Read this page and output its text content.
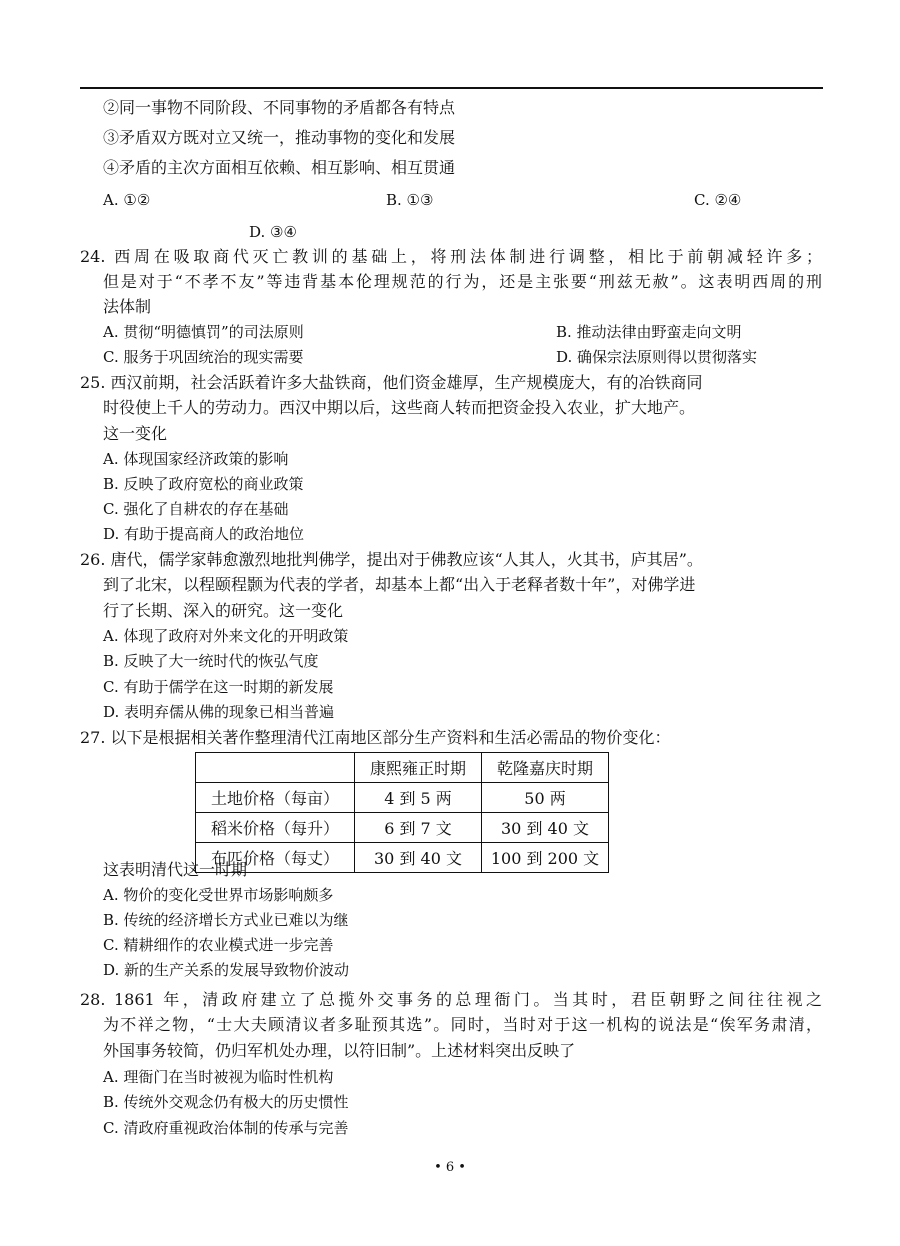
②同一事物不同阶段、不同事物的矛盾都各有特点
③矛盾双方既对立又统一，推动事物的变化和发展
④矛盾的主次方面相互依赖、相互影响、相互贯通
A. ①②	B. ①③	C. ②④
D. ③④
24. 西周在吸取商代灭亡教训的基础上，将刑法体制进行调整，相比于前朝减轻许多；
但是对于“不孝不友”等违背基本伦理规范的行为，还是主张要“刑兹无赦”。这表明西周的刑
法体制
A. 贯彻“明德慎罚”的司法原则	B. 推动法律由野蛮走向文明
C. 服务于巩固统治的现实需要	D. 确保宗法原则得以贯彻落实
25. 西汉前期，社会活跃着许多大盐铁商，他们资金雄厚，生产规模庞大，有的冶铁商同
时役使上千人的劳动力。西汉中期以后，这些商人转而把资金投入农业，扩大地产。
这一变化
A. 体现国家经济政策的影响
B. 反映了政府宽松的商业政策
C. 强化了自耕农的存在基础
D. 有助于提高商人的政治地位
26. 唐代，儒学家韩愈激烈地批判佛学，提出对于佛教应该“人其人，火其书，庐其居”。
到了北宋，以程颐程颢为代表的学者，却基本上都“出入于老释者数十年”，对佛学进
行了长期、深入的研究。这一变化
A. 体现了政府对外来文化的开明政策
B. 反映了大一统时代的恢弘气度
C. 有助于儒学在这一时期的新发展
D. 表明弃儒从佛的现象已相当普遍
27. 以下是根据相关著作整理清代江南地区部分生产资料和生活必需品的物价变化：
	康熙雍正时期	乾隆嘉庆时期
土地价格（每亩）	4 到 5 两	50 两
稻米价格（每升）	6 到 7 文	30 到 40 文
布匹价格（每丈）	30 到 40 文	100 到 200 文
这表明清代这一时期
A. 物价的变化受世界市场影响颇多
B. 传统的经济增长方式业已难以为继
C. 精耕细作的农业模式进一步完善
D. 新的生产关系的发展导致物价波动
28. 1861 年，清政府建立了总揽外交事务的总理衙门。当其时，君臣朝野之间往往视之
为不祥之物，“士大夫顾清议者多耻预其选”。同时，当时对于这一机构的说法是“俟军务肃清，
外国事务较简，仍归军机处办理，以符旧制”。上述材料突出反映了
A. 理衙门在当时被视为临时性机构
B. 传统外交观念仍有极大的历史惯性
C. 清政府重视政治体制的传承与完善
• 6 •
